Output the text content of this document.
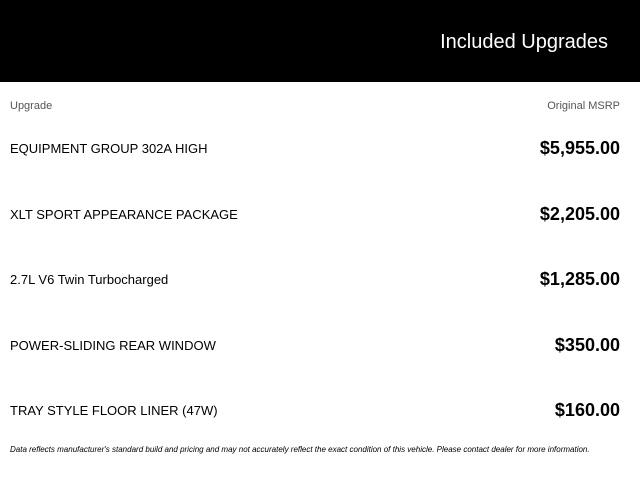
Included Upgrades
Upgrade	Original MSRP
EQUIPMENT GROUP 302A HIGH	$5,955.00
XLT SPORT APPEARANCE PACKAGE	$2,205.00
2.7L V6 Twin Turbocharged	$1,285.00
POWER-SLIDING REAR WINDOW	$350.00
TRAY STYLE FLOOR LINER (47W)	$160.00
Data reflects manufacturer's standard build and pricing and may not accurately reflect the exact condition of this vehicle. Please contact dealer for more information.
